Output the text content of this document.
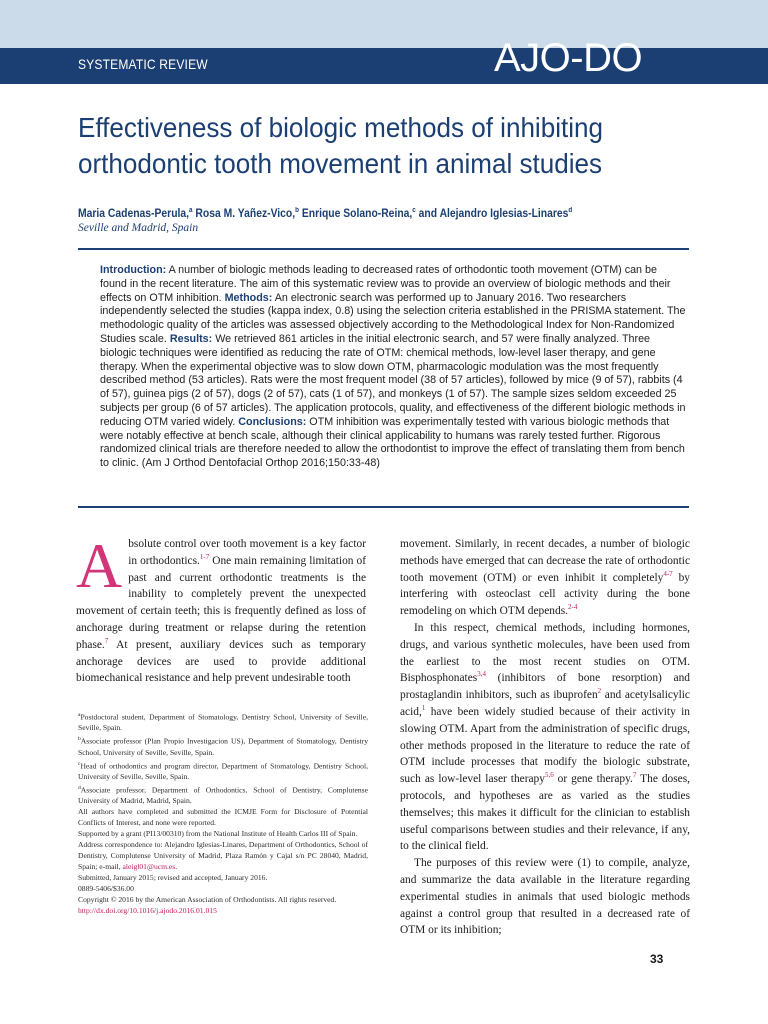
SYSTEMATIC REVIEW	AJO-DO
Effectiveness of biologic methods of inhibiting orthodontic tooth movement in animal studies
Maria Cadenas-Perula,$^a$ Rosa M. Yañez-Vico,$^b$ Enrique Solano-Reina,$^c$ and Alejandro Iglesias-Linares$^d$
Seville and Madrid, Spain
Introduction: A number of biologic methods leading to decreased rates of orthodontic tooth movement (OTM) can be found in the recent literature. The aim of this systematic review was to provide an overview of biologic methods and their effects on OTM inhibition. Methods: An electronic search was performed up to January 2016. Two researchers independently selected the studies (kappa index, 0.8) using the selection criteria established in the PRISMA statement. The methodologic quality of the articles was assessed objectively according to the Methodological Index for Non-Randomized Studies scale. Results: We retrieved 861 articles in the initial electronic search, and 57 were finally analyzed. Three biologic techniques were identified as reducing the rate of OTM: chemical methods, low-level laser therapy, and gene therapy. When the experimental objective was to slow down OTM, pharmacologic modulation was the most frequently described method (53 articles). Rats were the most frequent model (38 of 57 articles), followed by mice (9 of 57), rabbits (4 of 57), guinea pigs (2 of 57), dogs (2 of 57), cats (1 of 57), and monkeys (1 of 57). The sample sizes seldom exceeded 25 subjects per group (6 of 57 articles). The application protocols, quality, and effectiveness of the different biologic methods in reducing OTM varied widely. Conclusions: OTM inhibition was experimentally tested with various biologic methods that were notably effective at bench scale, although their clinical applicability to humans was rarely tested further. Rigorous randomized clinical trials are therefore needed to allow the orthodontist to improve the effect of translating them from bench to clinic. (Am J Orthod Dentofacial Orthop 2016;150:33-48)

Absolute control over tooth movement is a key factor in orthodontics.$^{1-7}$ One main remaining limitation of past and current orthodontic treatments is the inability to completely prevent the unexpected movement of certain teeth; this is frequently defined as loss of anchorage during treatment or relapse during the retention phase.$^7$ At present, auxiliary devices such as temporary anchorage devices are used to provide additional biomechanical resistance and help prevent undesirable tooth

$^a$Postdoctoral student, Department of Stomatology, Dentistry School, University of Seville, Seville, Spain.
$^b$Associate professor (Plan Propio Investigacion US), Department of Stomatology, Dentistry School, University of Seville, Seville, Spain.
$^c$Head of orthodontics and program director, Department of Stomatology, Dentistry School, University of Seville, Seville, Spain.
$^d$Associate professor, Department of Orthodontics, School of Dentistry, Complutense University of Madrid, Madrid, Spain.
All authors have completed and submitted the ICMJE Form for Disclosure of Potential Conflicts of Interest, and none were reported.
Supported by a grant (PI13/00310) from the National Institute of Health Carlos III of Spain.
Address correspondence to: Alejandro Iglesias-Linares, Department of Orthodontics, School of Dentistry, Complutense University of Madrid, Plaza Ramón y Cajal s/n PC 28040, Madrid, Spain; e-mail, aleigl01@ucm.es.
Submitted, January 2015; revised and accepted, January 2016.
0889-5406/$36.00
Copyright © 2016 by the American Association of Orthodontists. All rights reserved.
http://dx.doi.org/10.1016/j.ajodo.2016.01.015

movement. Similarly, in recent decades, a number of biologic methods have emerged that can decrease the rate of orthodontic tooth movement (OTM) or even inhibit it completely$^{4-7}$ by interfering with osteoclast cell activity during the bone remodeling on which OTM depends.$^{2-4}$

In this respect, chemical methods, including hormones, drugs, and various synthetic molecules, have been used from the earliest to the most recent studies on OTM. Bisphosphonates$^{3,4}$ (inhibitors of bone resorption) and prostaglandin inhibitors, such as ibuprofen$^2$ and acetylsalicylic acid,$^1$ have been widely studied because of their activity in slowing OTM. Apart from the administration of specific drugs, other methods proposed in the literature to reduce the rate of OTM include processes that modify the biologic substrate, such as low-level laser therapy$^{5,6}$ or gene therapy.$^7$ The doses, protocols, and hypotheses are as varied as the studies themselves; this makes it difficult for the clinician to establish useful comparisons between studies and their relevance, if any, to the clinical field.

The purposes of this review were (1) to compile, analyze, and summarize the data available in the literature regarding experimental studies in animals that used biologic methods against a control group that resulted in a decreased rate of OTM or its inhibition;

33
